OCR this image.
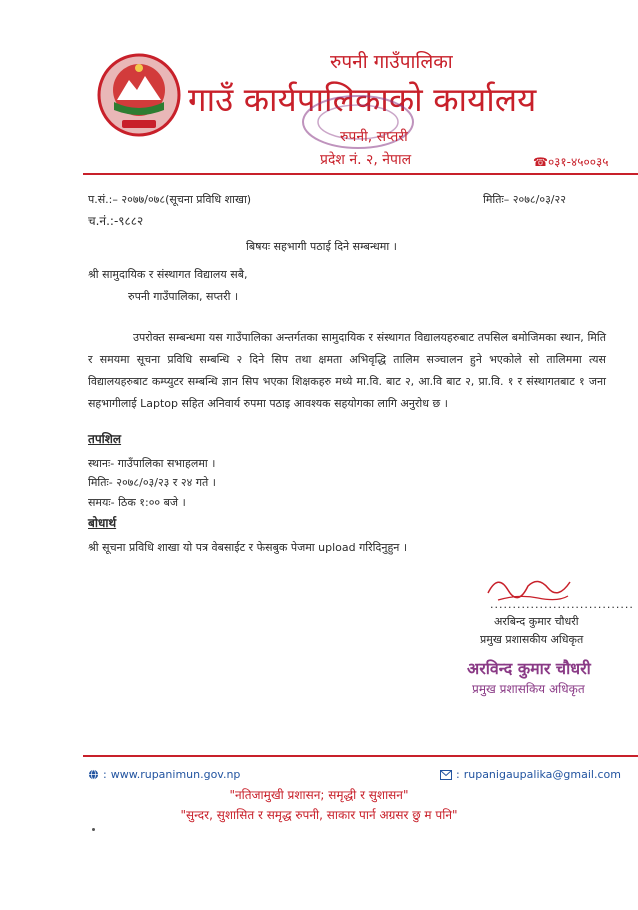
रुपनी गाउँपालिका
गाउँ कार्यपालिकाको कार्यालय
रुपनी, सप्तरी
प्रदेश नं. २, नेपाल	☎०३१-४५००३५
प.सं.:– २०७७/०७८(सूचना प्रविधि शाखा)	मितिः– २०७८/०३/२२
च.नं.:-९८८२
बिषयः सहभागी पठाई दिने सम्बन्धमा ।
श्री सामुदायिक र संस्थागत विद्यालय सबै,
रुपनी गाउँपालिका, सप्तरी ।
उपरोक्त सम्बन्धमा यस गाउँपालिका अन्तर्गतका सामुदायिक र संस्थागत विद्यालयहरुबाट तपसिल बमोजिमका स्थान, मिति र समयमा सूचना प्रविधि सम्बन्धि २ दिने सिप तथा क्षमता अभिवृद्धि तालिम सञ्चालन हुने भएकोले सो तालिममा त्यस विद्यालयहरुबाट कम्प्युटर सम्बन्धि ज्ञान सिप भएका शिक्षकहरु मध्ये मा.वि. बाट २, आ.वि बाट २, प्रा.वि. १ र संस्थागतबाट १ जना सहभागीलाई Laptop सहित अनिवार्य रुपमा पठाइ आवश्यक सहयोगका लागि अनुरोध छ ।
तपशिल
स्थानः- गाउँपालिका सभाहलमा ।
मितिः- २०७८/०३/२३ र २४ गते ।
समयः- ठिक १:०० बजे ।
बोधार्थ
श्री सूचना प्रविधि शाखा यो पत्र वेबसाईट र फेसबुक पेजमा upload गरिदिनुहुन ।
................................
अरबिन्द कुमार चौधरी
प्रमुख प्रशासकीय अधिकृत
अरविन्द कुमार चौधरी
प्रमुख प्रशासकिय अधिकृत
: www.rupanimun.gov.np	: rupanigaupalika@gmail.com
"नतिजामुखी प्रशासन; समृद्धी र सुशासन"
"सुन्दर, सुशासित र समृद्ध रुपनी, साकार पार्न अग्रसर छु म पनि"
